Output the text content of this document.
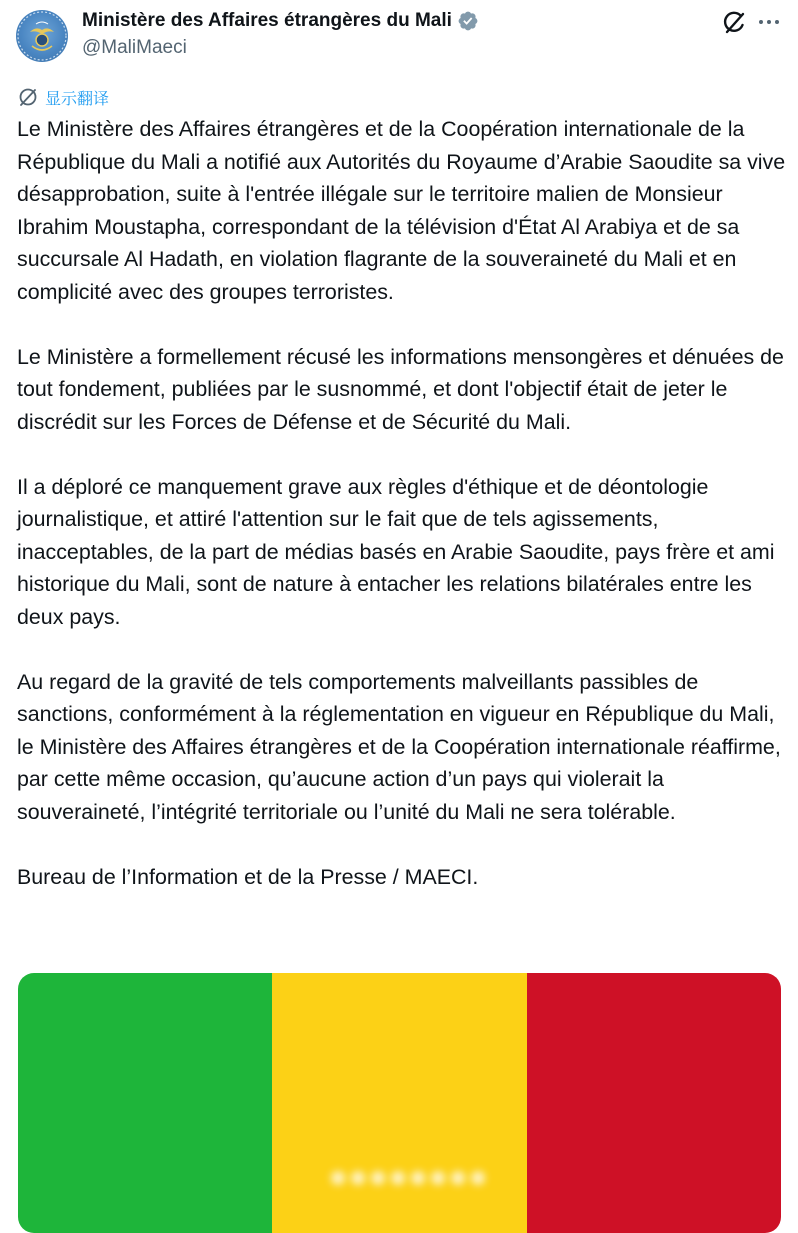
Ministère des Affaires étrangères du Mali
@MaliMaeci
显示翻译

Le Ministère des Affaires étrangères et de la Coopération internationale de la République du Mali a notifié aux Autorités du Royaume d’Arabie Saoudite sa vive désapprobation, suite à l'entrée illégale sur le territoire malien de Monsieur Ibrahim Moustapha, correspondant de la télévision d'État Al Arabiya et de sa succursale Al Hadath, en violation flagrante de la souveraineté du Mali et en complicité avec des groupes terroristes.

Le Ministère a formellement récusé les informations mensongères et dénuées de tout fondement, publiées par le susnommé, et dont l'objectif était de jeter le discrédit sur les Forces de Défense et de Sécurité du Mali.

Il a déploré ce manquement grave aux règles d'éthique et de déontologie journalistique, et attiré l'attention sur le fait que de tels agissements, inacceptables, de la part de médias basés en Arabie Saoudite, pays frère et ami historique du Mali, sont de nature à entacher les relations bilatérales entre les deux pays.

Au regard de la gravité de tels comportements malveillants passibles de sanctions, conformément à la réglementation en vigueur en République du Mali, le Ministère des Affaires étrangères et de la Coopération internationale réaffirme, par cette même occasion, qu’aucune action d’un pays qui violerait la souveraineté, l’intégrité territoriale ou l’unité du Mali ne sera tolérable.

Bureau de l’Information et de la Presse / MAECI.
